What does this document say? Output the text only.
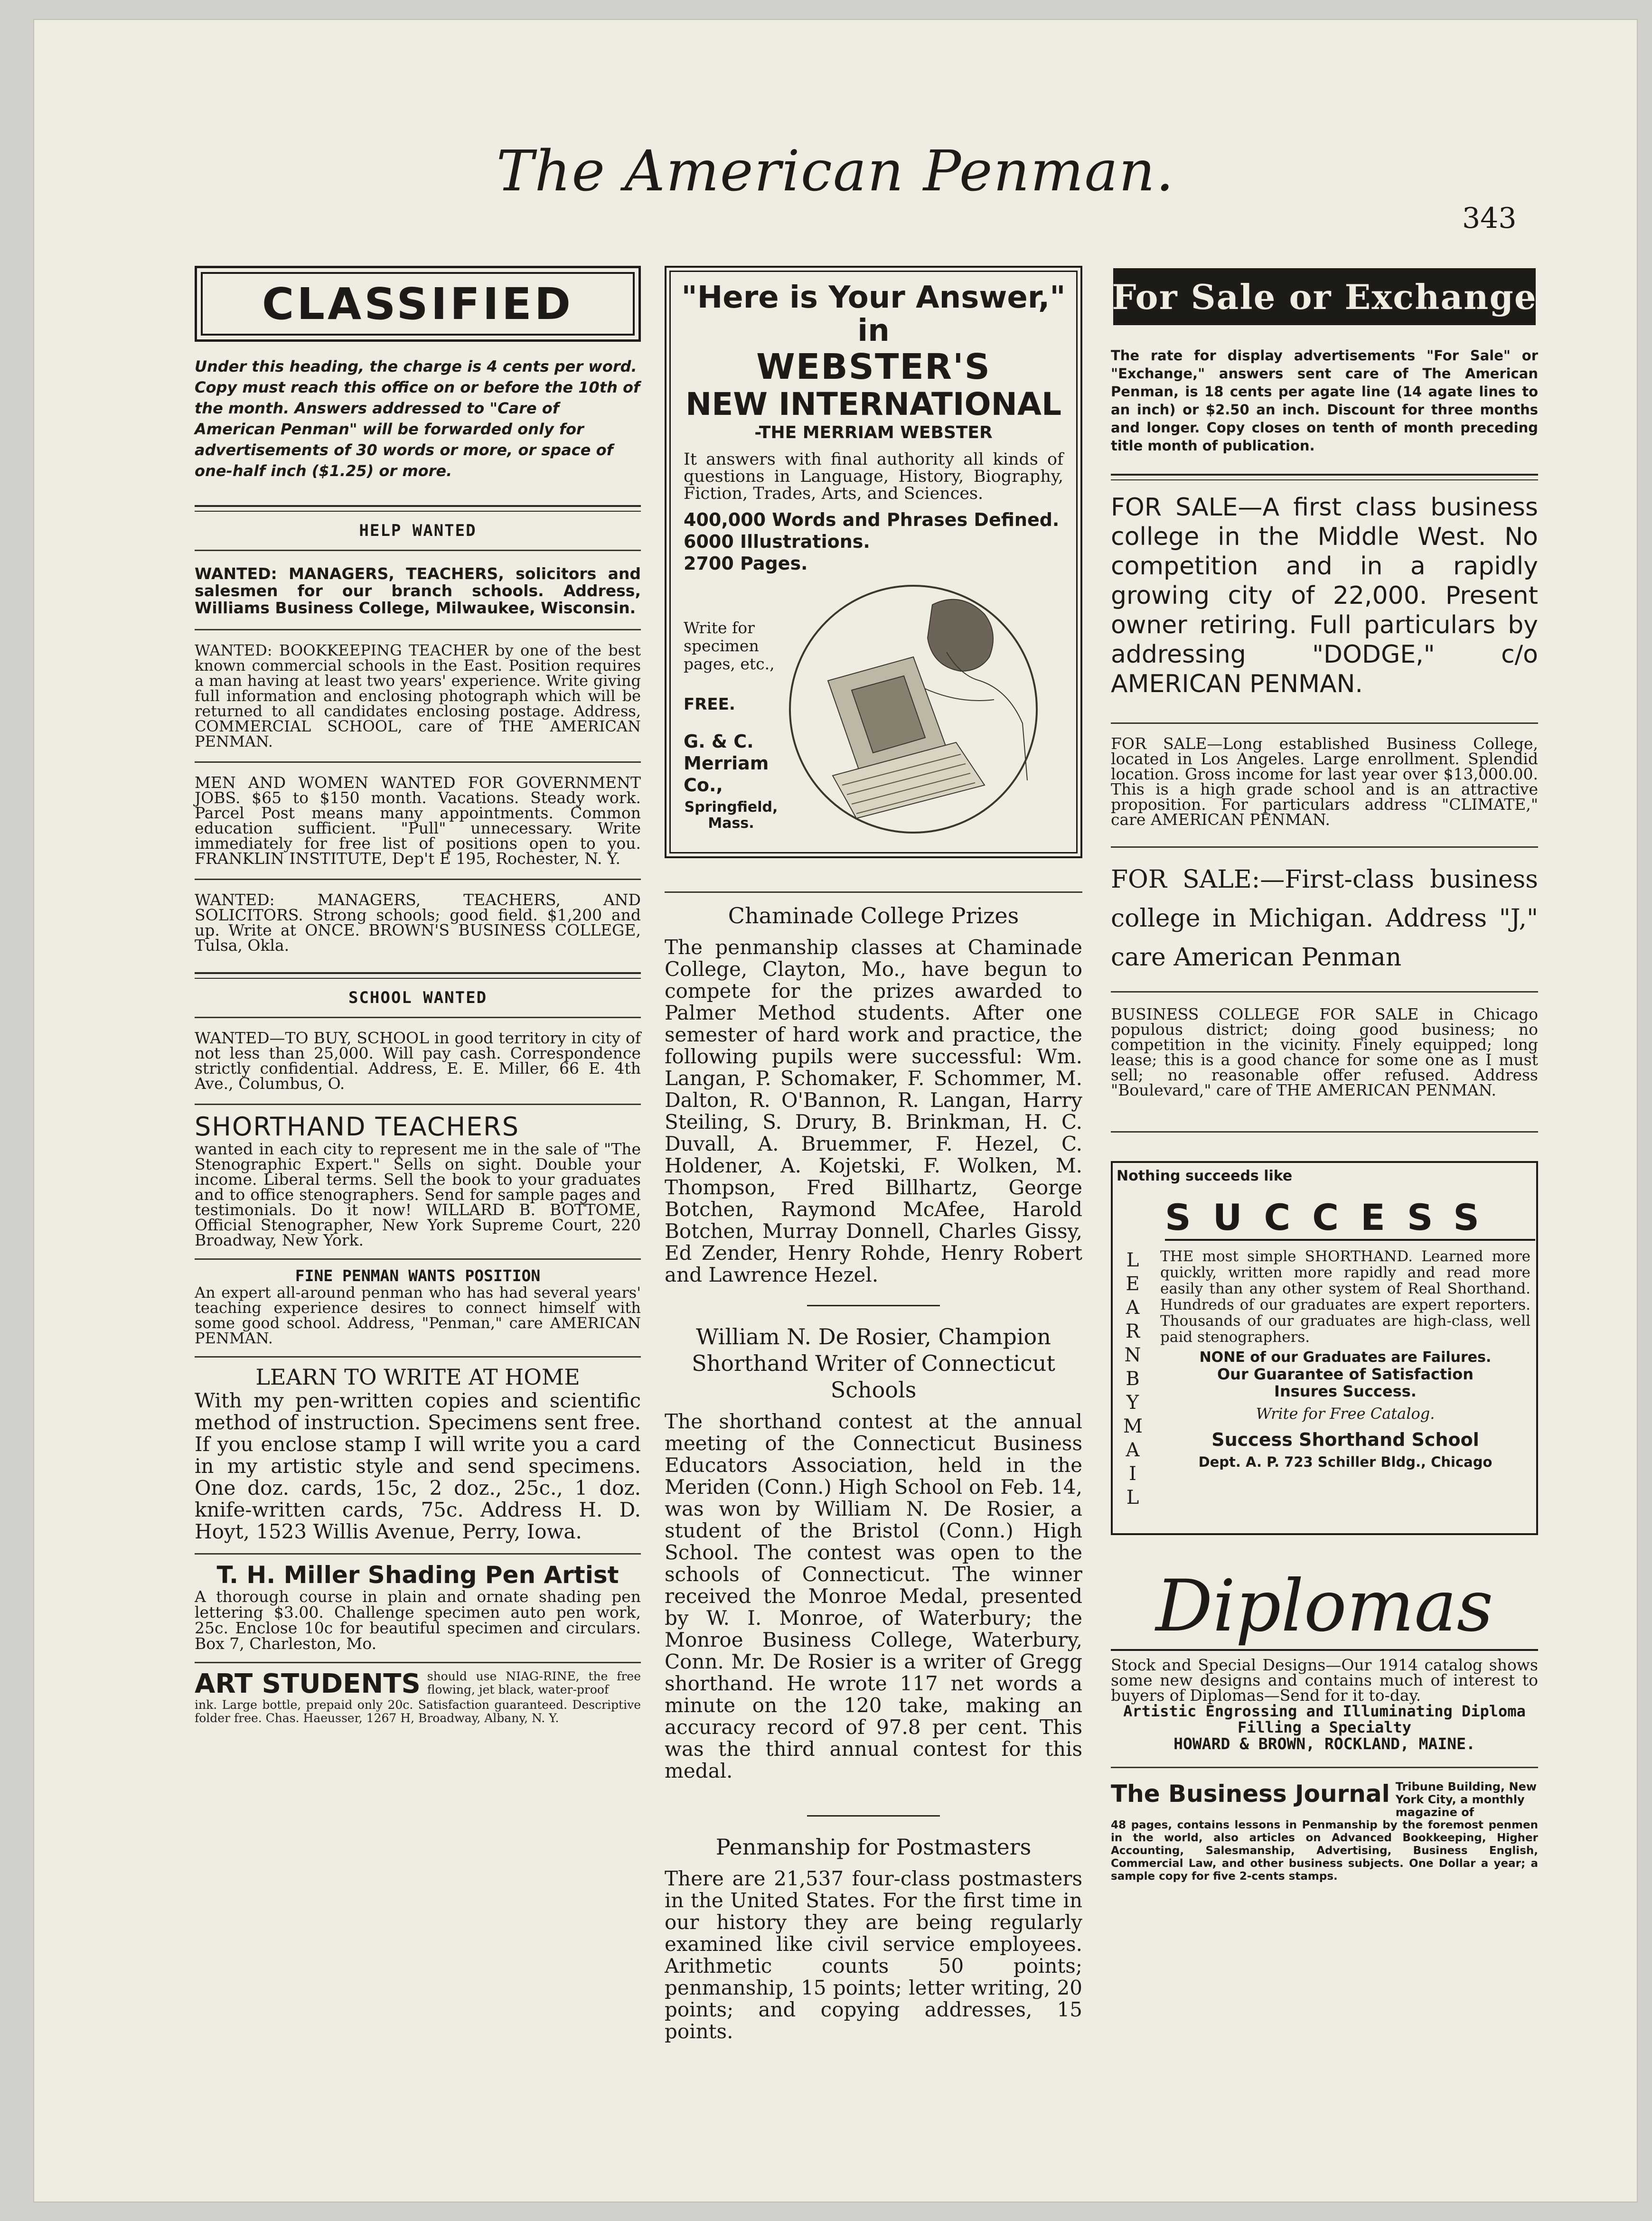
The American Penman.
343
CLASSIFIED

Under this heading, the charge is 4 cents per word. Copy must reach this office on or before the 10th of the month. Answers addressed to "Care of American Penman" will be forwarded only for advertisements of 30 words or more, or space of one-half inch ($1.25) or more.

HELP WANTED

WANTED: MANAGERS, TEACHERS, solicitors and salesmen for our branch schools. Address, Williams Business College, Milwaukee, Wisconsin.

WANTED: BOOKKEEPING TEACHER by one of the best known commercial schools in the East. Position requires a man having at least two years' experience. Write giving full information and enclosing photograph which will be returned to all candidates enclosing postage. Address, COMMERCIAL SCHOOL, care of THE AMERICAN PENMAN.

MEN AND WOMEN WANTED FOR GOVERNMENT JOBS. $65 to $150 month. Vacations. Steady work. Parcel Post means many appointments. Common education sufficient. "Pull" unnecessary. Write immediately for free list of positions open to you. FRANKLIN INSTITUTE, Dep't E 195, Rochester, N. Y.

WANTED: MANAGERS, TEACHERS, AND SOLICITORS. Strong schools; good field. $1,200 and up. Write at ONCE. BROWN'S BUSINESS COLLEGE, Tulsa, Okla.

SCHOOL WANTED

WANTED—TO BUY, SCHOOL in good territory in city of not less than 25,000. Will pay cash. Correspondence strictly confidential. Address, E. E. Miller, 66 E. 4th Ave., Columbus, O.

SHORTHAND TEACHERS

wanted in each city to represent me in the sale of "The Stenographic Expert." Sells on sight. Double your income. Liberal terms. Sell the book to your graduates and to office stenographers. Send for sample pages and testimonials. Do it now! WILLARD B. BOTTOME, Official Stenographer, New York Supreme Court, 220 Broadway, New York.

FINE PENMAN WANTS POSITION

An expert all-around penman who has had several years' teaching experience desires to connect himself with some good school. Address, "Penman," care AMERICAN PENMAN.

LEARN TO WRITE AT HOME

With my pen-written copies and scientific method of instruction. Specimens sent free. If you enclose stamp I will write you a card in my artistic style and send specimens. One doz. cards, 15c, 2 doz., 25c., 1 doz. knife-written cards, 75c. Address H. D. Hoyt, 1523 Willis Avenue, Perry, Iowa.

T. H. Miller Shading Pen Artist

A thorough course in plain and ornate shading pen lettering $3.00. Challenge specimen auto pen work, 25c. Enclose 10c for beautiful specimen and circulars. Box 7, Charleston, Mo.

ART STUDENTS should use NIAG-RINE, the free flowing, jet black, water-proof

ink. Large bottle, prepaid only 20c. Satisfaction guaranteed. Descriptive folder free. Chas. Haeusser, 1267 H, Broadway, Albany, N. Y.

"Here is Your Answer," in
WEBSTER'S
NEW INTERNATIONAL
-THE MERRIAM WEBSTER

It answers with final authority all kinds of questions in Language, History, Biography, Fiction, Trades, Arts, and Sciences.

400,000 Words and Phrases Defined.
6000 Illustrations.
2700 Pages.
Write for specimen pages, etc.,
FREE.
G. & C. Merriam Co.,
Springfield, Mass.
Chaminade College Prizes

The penmanship classes at Chaminade College, Clayton, Mo., have begun to compete for the prizes awarded to Palmer Method students. After one semester of hard work and practice, the following pupils were successful: Wm. Langan, P. Schomaker, F. Schommer, M. Dalton, R. O'Bannon, R. Langan, Harry Steiling, S. Drury, B. Brinkman, H. C. Duvall, A. Bruemmer, F. Hezel, C. Holdener, A. Kojetski, F. Wolken, M. Thompson, Fred Billhartz, George Botchen, Raymond McAfee, Harold Botchen, Murray Donnell, Charles Gissy, Ed Zender, Henry Rohde, Henry Robert and Lawrence Hezel.

William N. De Rosier, Champion Shorthand Writer of Connecticut Schools

The shorthand contest at the annual meeting of the Connecticut Business Educators Association, held in the Meriden (Conn.) High School on Feb. 14, was won by William N. De Rosier, a student of the Bristol (Conn.) High School. The contest was open to the schools of Connecticut. The winner received the Monroe Medal, presented by W. I. Monroe, of Waterbury; the Monroe Business College, Waterbury, Conn. Mr. De Rosier is a writer of Gregg shorthand. He wrote 117 net words a minute on the 120 take, making an accuracy record of 97.8 per cent. This was the third annual contest for this medal.

Penmanship for Postmasters

There are 21,537 four-class postmasters in the United States. For the first time in our history they are being regularly examined like civil service employees. Arithmetic counts 50 points; penmanship, 15 points; letter writing, 20 points; and copying addresses, 15 points.

For Sale or Exchange

The rate for display advertisements "For Sale" or "Exchange," answers sent care of The American Penman, is 18 cents per agate line (14 agate lines to an inch) or $2.50 an inch. Discount for three months and longer. Copy closes on tenth of month preceding title month of publication.

FOR SALE—A first class business college in the Middle West. No competition and in a rapidly growing city of 22,000. Present owner retiring. Full particulars by addressing "DODGE," c/o AMERICAN PENMAN.

FOR SALE—Long established Business College, located in Los Angeles. Large enrollment. Splendid location. Gross income for last year over $13,000.00. This is a high grade school and is an attractive proposition. For particulars address "CLIMATE," care AMERICAN PENMAN.

FOR SALE:—First-class business college in Michigan. Address "J," care American Penman

BUSINESS COLLEGE FOR SALE in Chicago populous district; doing good business; no competition in the vicinity. Finely equipped; long lease; this is a good chance for some one as I must sell; no reasonable offer refused. Address "Boulevard," care of THE AMERICAN PENMAN.

Nothing succeeds like
SUCCESS
LEARNBYMAIL

THE most simple SHORTHAND. Learned more quickly, written more rapidly and read more easily than any other system of Real Shorthand. Hundreds of our graduates are expert reporters. Thousands of our graduates are high-class, well paid stenographers.

NONE of our Graduates are Failures.
Our Guarantee of Satisfaction Insures Success.
Write for Free Catalog.
Success Shorthand School
Dept. A. P. 723 Schiller Bldg., Chicago
Diplomas

Stock and Special Designs—Our 1914 catalog shows some new designs and contains much of interest to buyers of Diplomas—Send for it to-day.

Artistic Engrossing and Illuminating Diploma Filling a Specialty
HOWARD & BROWN, ROCKLAND, MAINE.
The Business Journal Tribune Building, New York City, a monthly magazine of

48 pages, contains lessons in Penmanship by the foremost penmen in the world, also articles on Advanced Bookkeeping, Higher Accounting, Salesmanship, Advertising, Business English, Commercial Law, and other business subjects. One Dollar a year; a sample copy for five 2-cents stamps.
